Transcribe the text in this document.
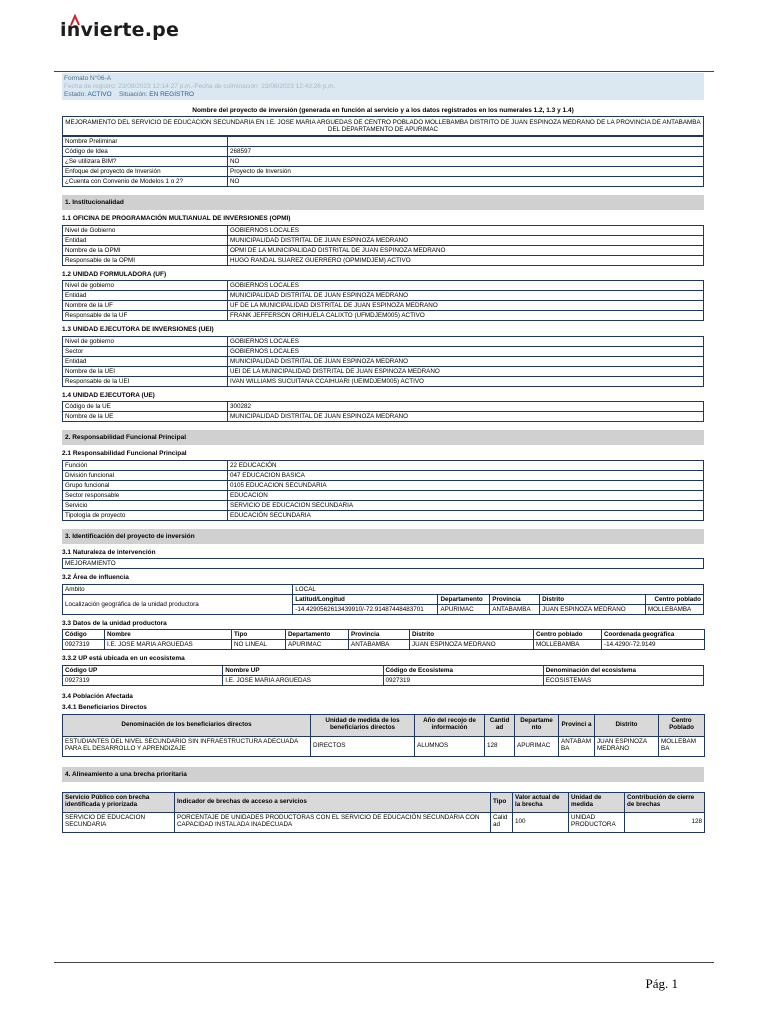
invierte.pe
Formato N°06-A
Fecha de registro: 23/08/2023 12:14:27 p.m.-Fecha de culminación: 23/08/2023 12:43:26 p.m.
Estado: ACTIVO Situación: EN REGISTRO
Nombre del proyecto de inversión (generada en función al servicio y a los datos registrados en los numerales 1.2, 1.3 y 1.4)
MEJORAMIENTO DEL SERVICIO DE EDUCACION SECUNDARIA EN I.E. JOSE MARIA ARGUEDAS DE CENTRO POBLADO MOLLEBAMBA DISTRITO DE JUAN ESPINOZA MEDRANO DE LA PROVINCIA DE ANTABAMBA DEL DEPARTAMENTO DE APURIMAC
Nombre Preliminar	
Código de Idea	268597
¿Se utilizara BIM?	NO
Enfoque del proyecto de Inversión	Proyecto de Inversión
¿Cuenta con Convenio de Modelos 1 o 2?	NO
1. Institucionalidad
1.1 OFICINA DE PROGRAMACIÓN MULTIANUAL DE INVERSIONES (OPMI)
Nivel de Gobierno	GOBIERNOS LOCALES
Entidad	MUNICIPALIDAD DISTRITAL DE JUAN ESPINOZA MEDRANO
Nombre de la OPMI	OPMI DE LA MUNICIPALIDAD DISTRITAL DE JUAN ESPINOZA MEDRANO
Responsable de la OPMI	HUGO RANDAL SUAREZ GUERRERO (OPMIMDJEM) ACTIVO
1.2 UNIDAD FORMULADORA (UF)
Nivel de gobierno	GOBIERNOS LOCALES
Entidad	MUNICIPALIDAD DISTRITAL DE JUAN ESPINOZA MEDRANO
Nombre de la UF	UF DE LA MUNICIPALIDAD DISTRITAL DE JUAN ESPINOZA MEDRANO
Responsable de la UF	FRANK JEFFERSON ORIHUELA CALIXTO (UFMDJEM005) ACTIVO
1.3 UNIDAD EJECUTORA DE INVERSIONES (UEI)
Nivel de gobierno	GOBIERNOS LOCALES
Sector	GOBIERNOS LOCALES
Entidad	MUNICIPALIDAD DISTRITAL DE JUAN ESPINOZA MEDRANO
Nombre de la UEI	UEI DE LA MUNICIPALIDAD DISTRITAL DE JUAN ESPINOZA MEDRANO
Responsable de la UEI	IVAN WILLIAMS SUCUITANA CCAIHUARI (UEIMDJEM005) ACTIVO
1.4 UNIDAD EJECUTORA (UE)
Código de la UE	300282
Nombre de la UE	MUNICIPALIDAD DISTRITAL DE JUAN ESPINOZA MEDRANO
2. Responsabilidad Funcional Principal
2.1 Responsabilidad Funcional Principal
Función	22 EDUCACIÓN
División funcional	047 EDUCACION BASICA
Grupo funcional	0105 EDUCACION SECUNDARIA
Sector responsable	EDUCACION
Servicio	SERVICIO DE EDUCACION SECUNDARIA
Tipología de proyecto	EDUCACIÓN SECUNDARIA
3. Identificación del proyecto de inversión
3.1 Naturaleza de intervención
MEJORAMIENTO
3.2 Área de influencia
Ambito	LOCAL				
Localización geográfica de la unidad productora	Latitud/Longitud	Departamento	Provincia	Distrito	Centro poblado
	-14.4290562613439910/-72.91487448483701	APURIMAC	ANTABAMBA	JUAN ESPINOZA MEDRANO	MOLLEBAMBA
3.3 Datos de la unidad productora
Código	Nombre	Tipo	Departamento	Provincia	Distrito	Centro poblado	Coordenada geográfica
0927319	I.E. JOSE MARIA ARGUEDAS	NO LINEAL	APURIMAC	ANTABAMBA	JUAN ESPINOZA MEDRANO	MOLLEBAMBA	-14.4290/-72.9149
3.3.2 UP está ubicada en un ecosistema
Código UP	Nombre UP	Código de Ecosistema	Denominación del ecosistema
0927319	I.E. JOSE MARIA ARGUEDAS	0927319	ECOSISTEMAS
3.4 Población Afectada
3.4.1 Beneficiarios Directos
Denominación de los beneficiarios directos	Unidad de medida de los beneficiarios directos	Año del recojo de información	Cantid ad	Departame nto	Provinci a	Distrito	Centro Poblado
ESTUDIANTES DEL NIVEL SECUNDARIO SIN INFRAESTRUCTURA ADECUADA PARA EL DESARROLLO Y APRENDIZAJE	DIRECTOS	ALUMNOS	128	APURIMAC	ANTABAM BA	JUAN ESPINOZA MEDRANO	MOLLEBAM BA
4. Alineamiento a una brecha prioritaria
Servicio Público con brecha identificada y priorizada	Indicador de brechas de acceso a servicios	Tipo	Valor actual de la brecha	Unidad de medida	Contribución de cierre de brechas
SERVICIO DE EDUCACION SECUNDARIA	PORCENTAJE DE UNIDADES PRODUCTORAS CON EL SERVICIO DE EDUCACIÓN SECUNDARIA CON CAPACIDAD INSTALADA INADECUADA	Calid ad	100	UNIDAD PRODUCTORA	128
Pág. 1
